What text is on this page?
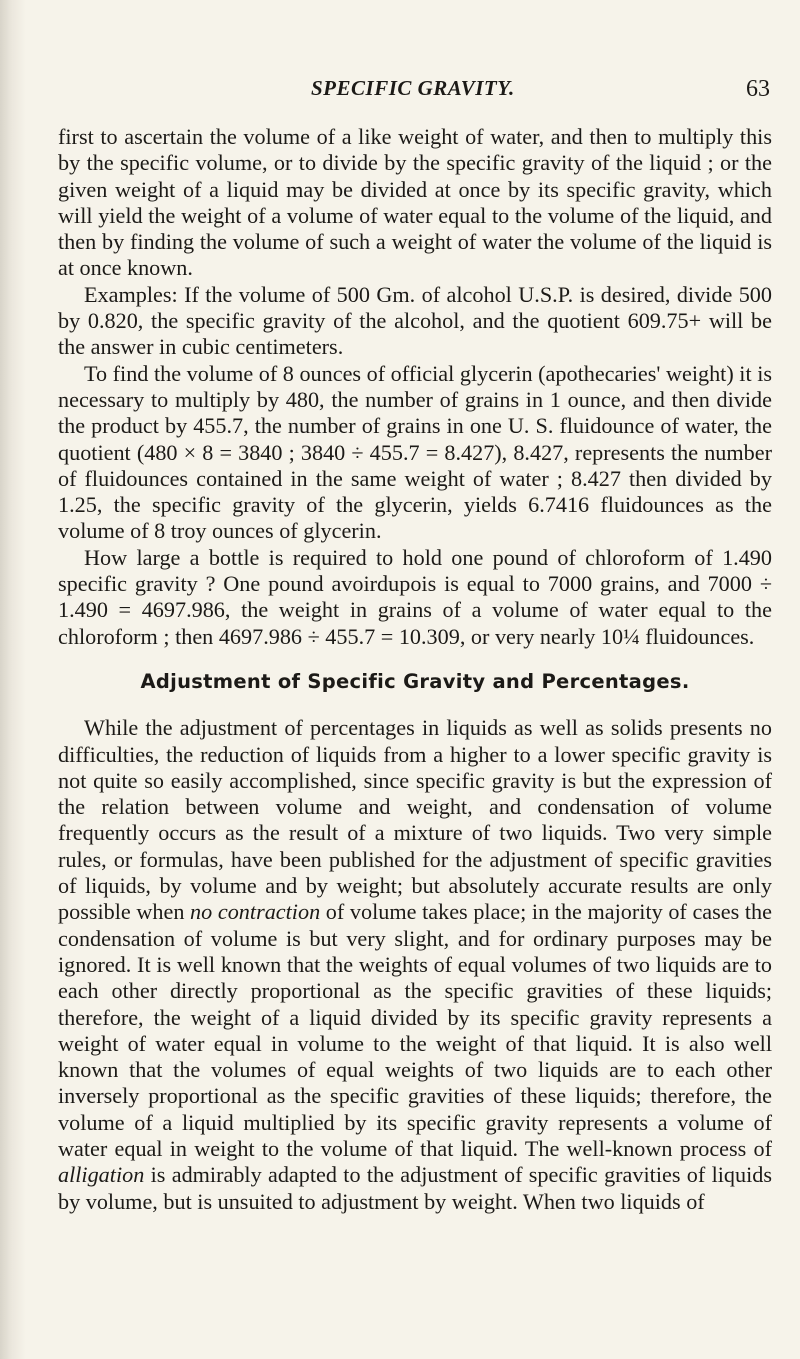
SPECIFIC GRAVITY.	63

first to ascertain the volume of a like weight of water, and then to multiply this by the specific volume, or to divide by the specific gravity of the liquid ; or the given weight of a liquid may be divided at once by its specific gravity, which will yield the weight of a volume of water equal to the volume of the liquid, and then by finding the volume of such a weight of water the volume of the liquid is at once known.

Examples: If the volume of 500 Gm. of alcohol U.S.P. is desired, divide 500 by 0.820, the specific gravity of the alcohol, and the quotient 609.75+ will be the answer in cubic centimeters.

To find the volume of 8 ounces of official glycerin (apothecaries' weight) it is necessary to multiply by 480, the number of grains in 1 ounce, and then divide the product by 455.7, the number of grains in one U. S. fluidounce of water, the quotient (480 × 8 = 3840 ; 3840 ÷ 455.7 = 8.427), 8.427, represents the number of fluidounces contained in the same weight of water ; 8.427 then divided by 1.25, the specific gravity of the glycerin, yields 6.7416 fluidounces as the volume of 8 troy ounces of glycerin.

How large a bottle is required to hold one pound of chloroform of 1.490 specific gravity ? One pound avoirdupois is equal to 7000 grains, and 7000 ÷ 1.490 = 4697.986, the weight in grains of a volume of water equal to the chloroform ; then 4697.986 ÷ 455.7 = 10.309, or very nearly 10¼ fluidounces.

Adjustment of Specific Gravity and Percentages.

While the adjustment of percentages in liquids as well as solids presents no difficulties, the reduction of liquids from a higher to a lower specific gravity is not quite so easily accomplished, since specific gravity is but the expression of the relation between volume and weight, and condensation of volume frequently occurs as the result of a mixture of two liquids. Two very simple rules, or formulas, have been published for the adjustment of specific gravities of liquids, by volume and by weight; but absolutely accurate results are only possible when no contraction of volume takes place; in the majority of cases the condensation of volume is but very slight, and for ordinary purposes may be ignored. It is well known that the weights of equal volumes of two liquids are to each other directly proportional as the specific gravities of these liquids; therefore, the weight of a liquid divided by its specific gravity represents a weight of water equal in volume to the weight of that liquid. It is also well known that the volumes of equal weights of two liquids are to each other inversely proportional as the specific gravities of these liquids; therefore, the volume of a liquid multiplied by its specific gravity represents a volume of water equal in weight to the volume of that liquid. The well-known process of alligation is admirably adapted to the adjustment of specific gravities of liquids by volume, but is unsuited to adjustment by weight. When two liquids of
